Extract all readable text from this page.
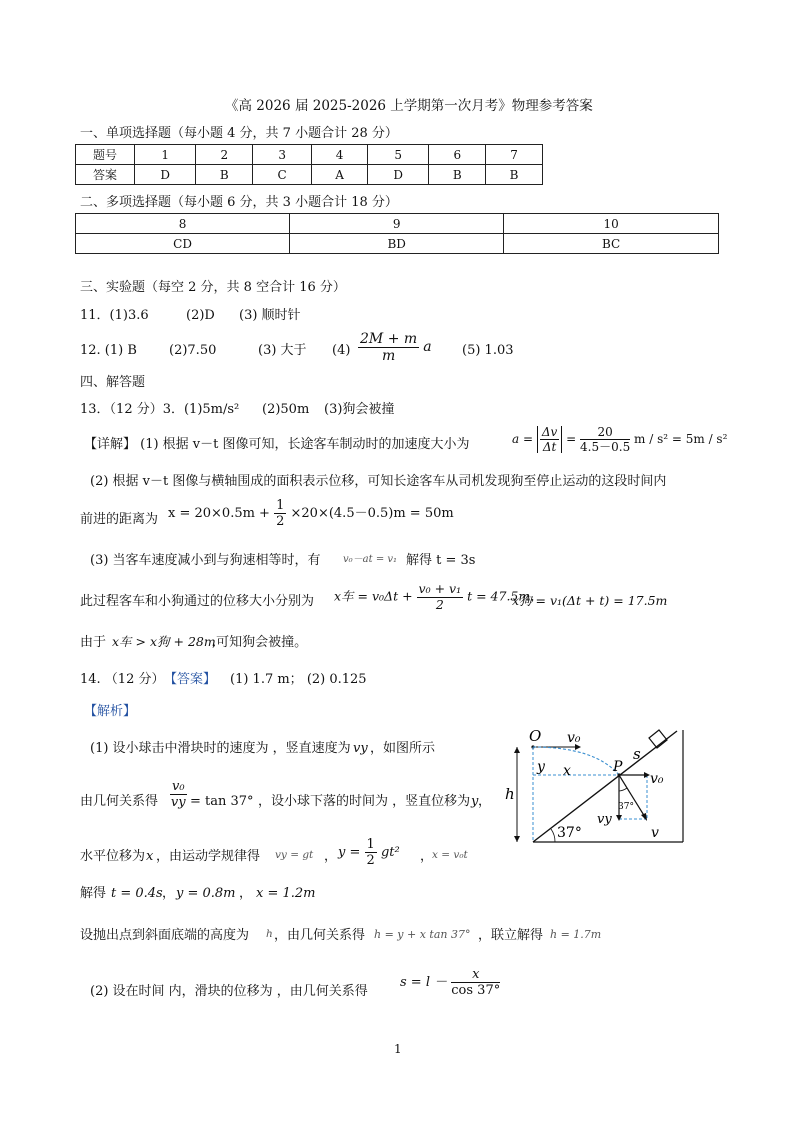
《高 2026 届 2025-2026 上学期第一次月考》物理参考答案
一、单项选择题（每小题 4 分，共 7 小题合计 28 分）
题号	1	2	3	4	5	6	7
答案	D	B	C	A	D	B	B
二、多项选择题（每小题 6 分，共 3 小题合计 18 分）
8	9	10
CD	BD	BC
三、实验题（每空 2 分，共 8 空合计 16 分）
11．(1)3.6	(2)D (3) 顺时针
12. (1) B (2)7.50	(3) 大于 $(4) \frac{2M + m}{m}$ a (5) 1.03
四、解答题
13．（12 分）3．(1)5m/s² (2)50m (3)狗会被撞
【详解】 (1) 根据 v－t 图像可知，长途客车制动时的加速度大小为	$a = \frac{\Delta v}{\Delta t} = \frac{20}{4.5-0.5}$ m / s² = 5m / s²
(2) 根据 v－t 图像与横轴围成的面积表示位移，可知长途客车从司机发现狗至停止运动的这段时间内
前进的距离为 $x = 20\times 0.5m + \frac{1}{2} \times 20\times(4.5-0.5)m = 50m$
(3) 当客车速度减小到与狗速相等时，有 v₀－at = v₁ 解得 t = 3s
此过程客车和小狗通过的位移大小分别为 x车 = $v_0\Delta t + \frac{\text{v₀ + v₁}}{2}$ t = 47.5m，
x狗 = v₁(Δt + t) = 17.5m
由于 x车 > x狗 + 28m
,可知狗会被撞。
14. （12 分） 【答案】 (1) 1.7 m； (2) 0.125
【解析】
(1) 设小球击中滑块时的速度为 ，竖直速度为 vy ，如图所示
由几何关系得 $\frac{\text{v₀}}{vy} = \tan 37^\circ$ ，设小球下落的时间为 ，竖直位移为 y ，
水平位移为 x ，由运动学规律得 vy = gt ， $y = \frac{1}{2} gt^2$ ，
x = v₀t
解得 t = 0.4s ， y = 0.8m ， x = 1.2m
设抛出点到斜面底端的高度为 h ，由几何关系得 h = y + x tan 37° ，联立解得 h = 1.7m
(2) 设在时间 内，滑块的位移为 ，由几何关系得
$s = l - \frac{x}{\cos 37^\circ}$
O v₀
s
y x	P
v₀
h
37°
vy
v
37°
1
